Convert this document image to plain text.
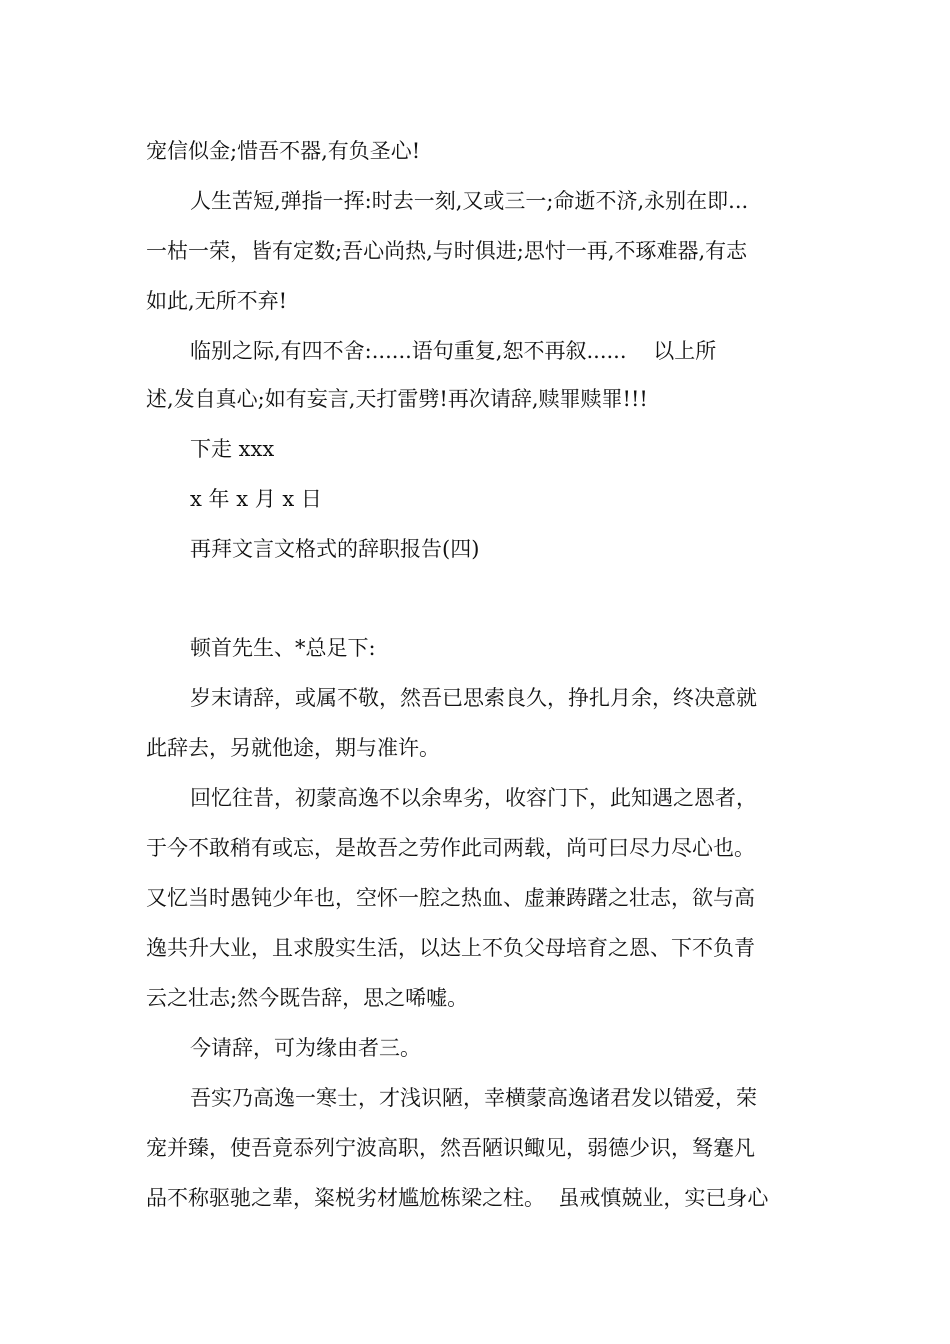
宠信似金;惜吾不器,有负圣心!

人生苦短,弹指一挥:时去一刻,又或三一;命逝不济,永别在即...

一枯一荣，皆有定数;吾心尚热,与时俱进;思忖一再,不琢难器,有志

如此,无所不弃!

临别之际,有四不舍:......语句重复,恕不再叙......    以上所

述,发自真心;如有妄言,天打雷劈!再次请辞,赎罪赎罪!!!

下走 xxx

x 年 x 月 x 日

再拜文言文格式的辞职报告(四)

顿首先生、*总足下:

岁末请辞，或属不敬，然吾已思索良久，挣扎月余，终决意就

此辞去，另就他途，期与准许。

回忆往昔，初蒙高逸不以余卑劣，收容门下，此知遇之恩者，

于今不敢稍有或忘，是故吾之劳作此司两载，尚可曰尽力尽心也。

又忆当时愚钝少年也，空怀一腔之热血、虚兼踌躇之壮志，欲与高

逸共升大业，且求殷实生活，以达上不负父母培育之恩、下不负青

云之壮志;然今既告辞，思之唏嘘。

今请辞，可为缘由者三。

吾实乃高逸一寒士，才浅识陋，幸横蒙高逸诸君发以错爱，荣

宠并臻，使吾竟忝列宁波高职，然吾陋识鲰见，弱德少识，驽蹇凡

品不称驱驰之辈，粢棁劣材尴尬栋梁之柱。  虽戒慎兢业，实已身心
